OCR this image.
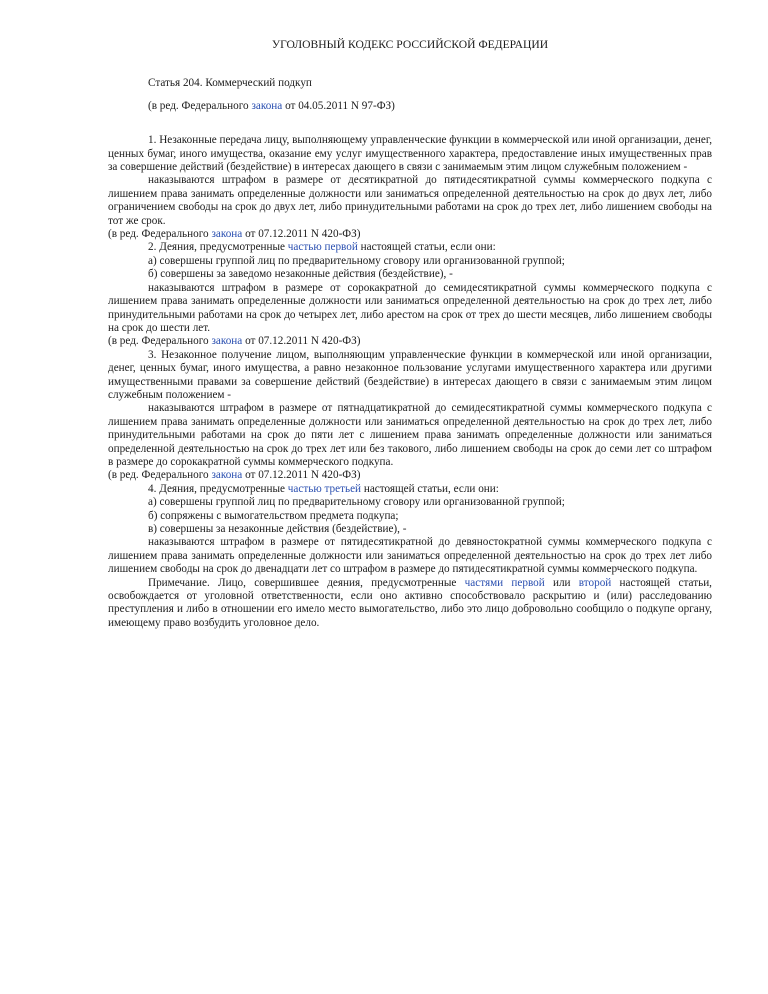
УГОЛОВНЫЙ КОДЕКС РОССИЙСКОЙ ФЕДЕРАЦИИ

Статья 204. Коммерческий подкуп

(в ред. Федерального закона от 04.05.2011 N 97-ФЗ)

1. Незаконные передача лицу, выполняющему управленческие функции в коммерческой или иной организации, денег, ценных бумаг, иного имущества, оказание ему услуг имущественного характера, предоставление иных имущественных прав за совершение действий (бездействие) в интересах дающего в связи с занимаемым этим лицом служебным положением -

наказываются штрафом в размере от десятикратной до пятидесятикратной суммы коммерческого подкупа с лишением права занимать определенные должности или заниматься определенной деятельностью на срок до двух лет, либо ограничением свободы на срок до двух лет, либо принудительными работами на срок до трех лет, либо лишением свободы на тот же срок.

(в ред. Федерального закона от 07.12.2011 N 420-ФЗ)

2. Деяния, предусмотренные частью первой настоящей статьи, если они:

а) совершены группой лиц по предварительному сговору или организованной группой;

б) совершены за заведомо незаконные действия (бездействие), -

наказываются штрафом в размере от сорокакратной до семидесятикратной суммы коммерческого подкупа с лишением права занимать определенные должности или заниматься определенной деятельностью на срок до трех лет, либо принудительными работами на срок до четырех лет, либо арестом на срок от трех до шести месяцев, либо лишением свободы на срок до шести лет.

(в ред. Федерального закона от 07.12.2011 N 420-ФЗ)

3. Незаконное получение лицом, выполняющим управленческие функции в коммерческой или иной организации, денег, ценных бумаг, иного имущества, а равно незаконное пользование услугами имущественного характера или другими имущественными правами за совершение действий (бездействие) в интересах дающего в связи с занимаемым этим лицом служебным положением -

наказываются штрафом в размере от пятнадцатикратной до семидесятикратной суммы коммерческого подкупа с лишением права занимать определенные должности или заниматься определенной деятельностью на срок до трех лет, либо принудительными работами на срок до пяти лет с лишением права занимать определенные должности или заниматься определенной деятельностью на срок до трех лет или без такового, либо лишением свободы на срок до семи лет со штрафом в размере до сорокакратной суммы коммерческого подкупа.

(в ред. Федерального закона от 07.12.2011 N 420-ФЗ)

4. Деяния, предусмотренные частью третьей настоящей статьи, если они:

а) совершены группой лиц по предварительному сговору или организованной группой;

б) сопряжены с вымогательством предмета подкупа;

в) совершены за незаконные действия (бездействие), -

наказываются штрафом в размере от пятидесятикратной до девяностократной суммы коммерческого подкупа с лишением права занимать определенные должности или заниматься определенной деятельностью на срок до трех лет либо лишением свободы на срок до двенадцати лет со штрафом в размере до пятидесятикратной суммы коммерческого подкупа.

Примечание. Лицо, совершившее деяния, предусмотренные частями первой или второй настоящей статьи, освобождается от уголовной ответственности, если оно активно способствовало раскрытию и (или) расследованию преступления и либо в отношении его имело место вымогательство, либо это лицо добровольно сообщило о подкупе органу, имеющему право возбудить уголовное дело.
